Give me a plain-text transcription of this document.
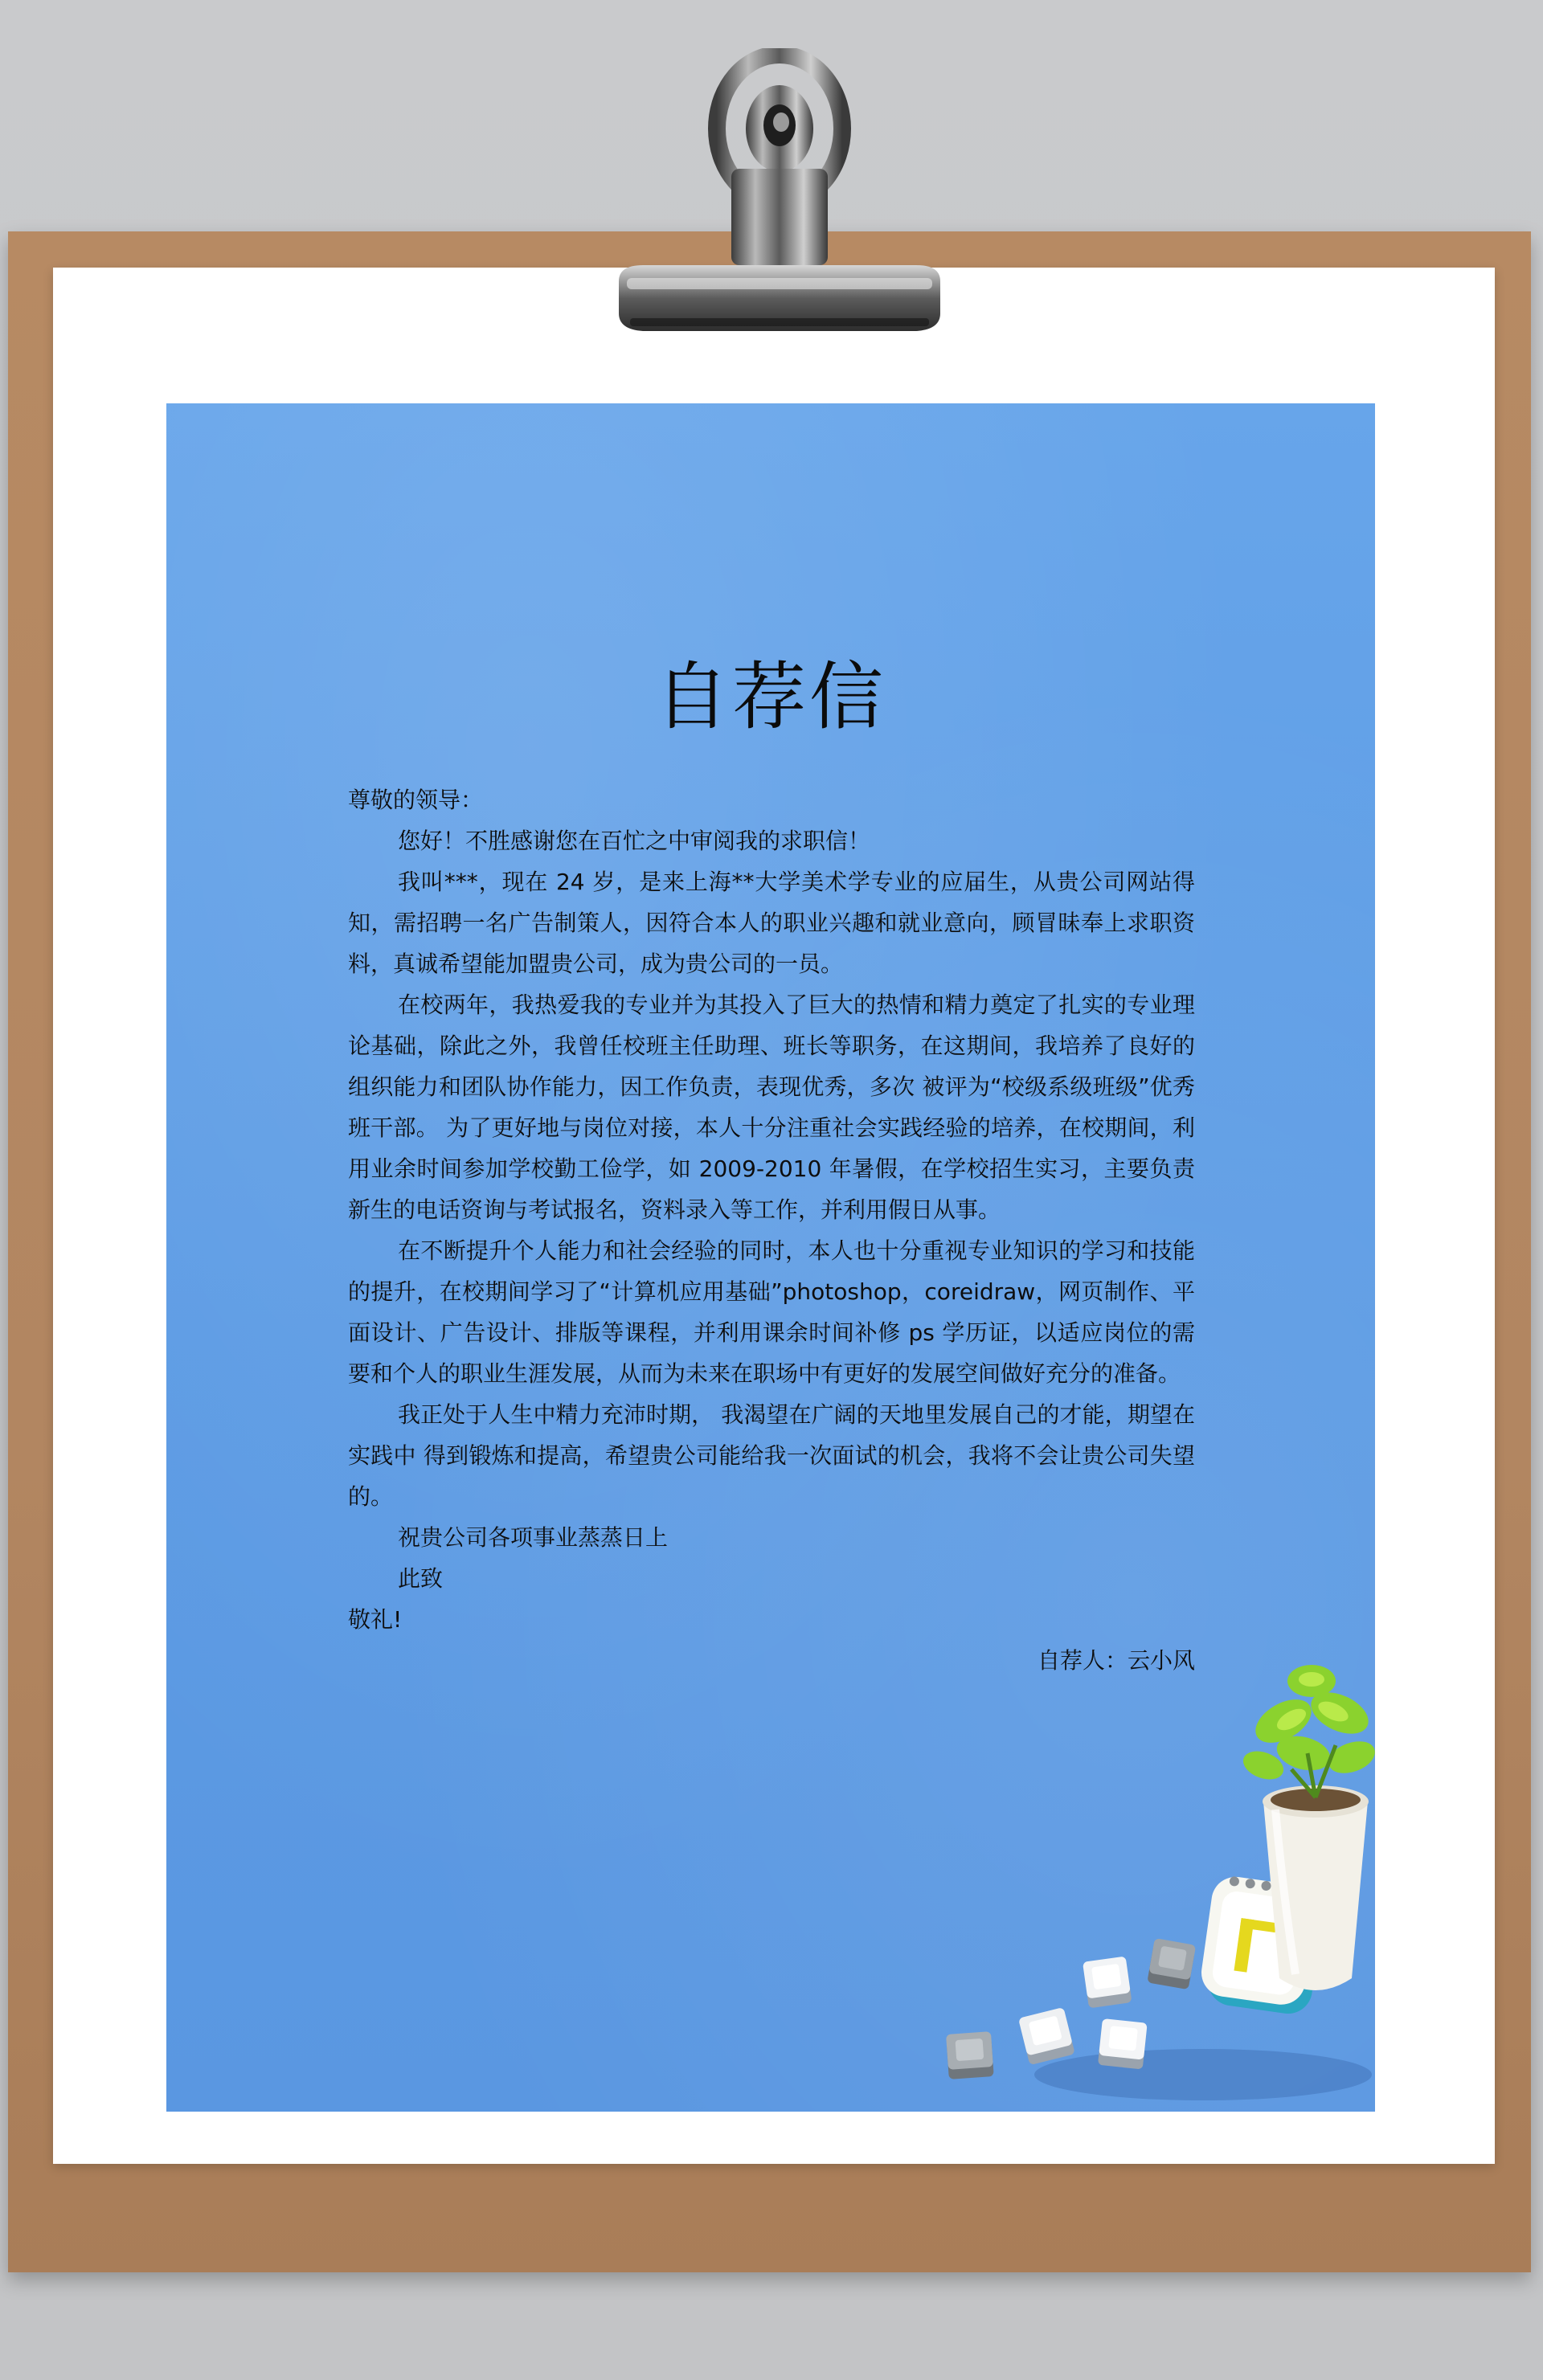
自荐信

尊敬的领导：

您好！不胜感谢您在百忙之中审阅我的求职信！

我叫***，现在 24 岁，是来上海**大学美术学专业的应届生，从贵公司网站得知，需招聘一名广告制策人，因符合本人的职业兴趣和就业意向，顾冒昧奉上求职资料，真诚希望能加盟贵公司，成为贵公司的一员。

在校两年，我热爱我的专业并为其投入了巨大的热情和精力奠定了扎实的专业理论基础，除此之外，我曾任校班主任助理、班长等职务，在这期间，我培养了良好的组织能力和团队协作能力，因工作负责，表现优秀，多次 被评为“校级系级班级”优秀班干部。 为了更好地与岗位对接，本人十分注重社会实践经验的培养，在校期间，利用业余时间参加学校勤工俭学，如 2009-2010 年暑假，在学校招生实习，主要负责新生的电话资询与考试报名，资料录入等工作，并利用假日从事。

在不断提升个人能力和社会经验的同时，本人也十分重视专业知识的学习和技能的提升，在校期间学习了“计算机应用基础”photoshop，coreidraw，网页制作、平面设计、广告设计、排版等课程，并利用课余时间补修 ps 学历证，以适应岗位的需要和个人的职业生涯发展，从而为未来在职场中有更好的发展空间做好充分的准备。

我正处于人生中精力充沛时期， 我渴望在广阔的天地里发展自己的才能，期望在实践中 得到锻炼和提高，希望贵公司能给我一次面试的机会，我将不会让贵公司失望的。

祝贵公司各项事业蒸蒸日上

此致

敬礼!

自荐人：云小风
